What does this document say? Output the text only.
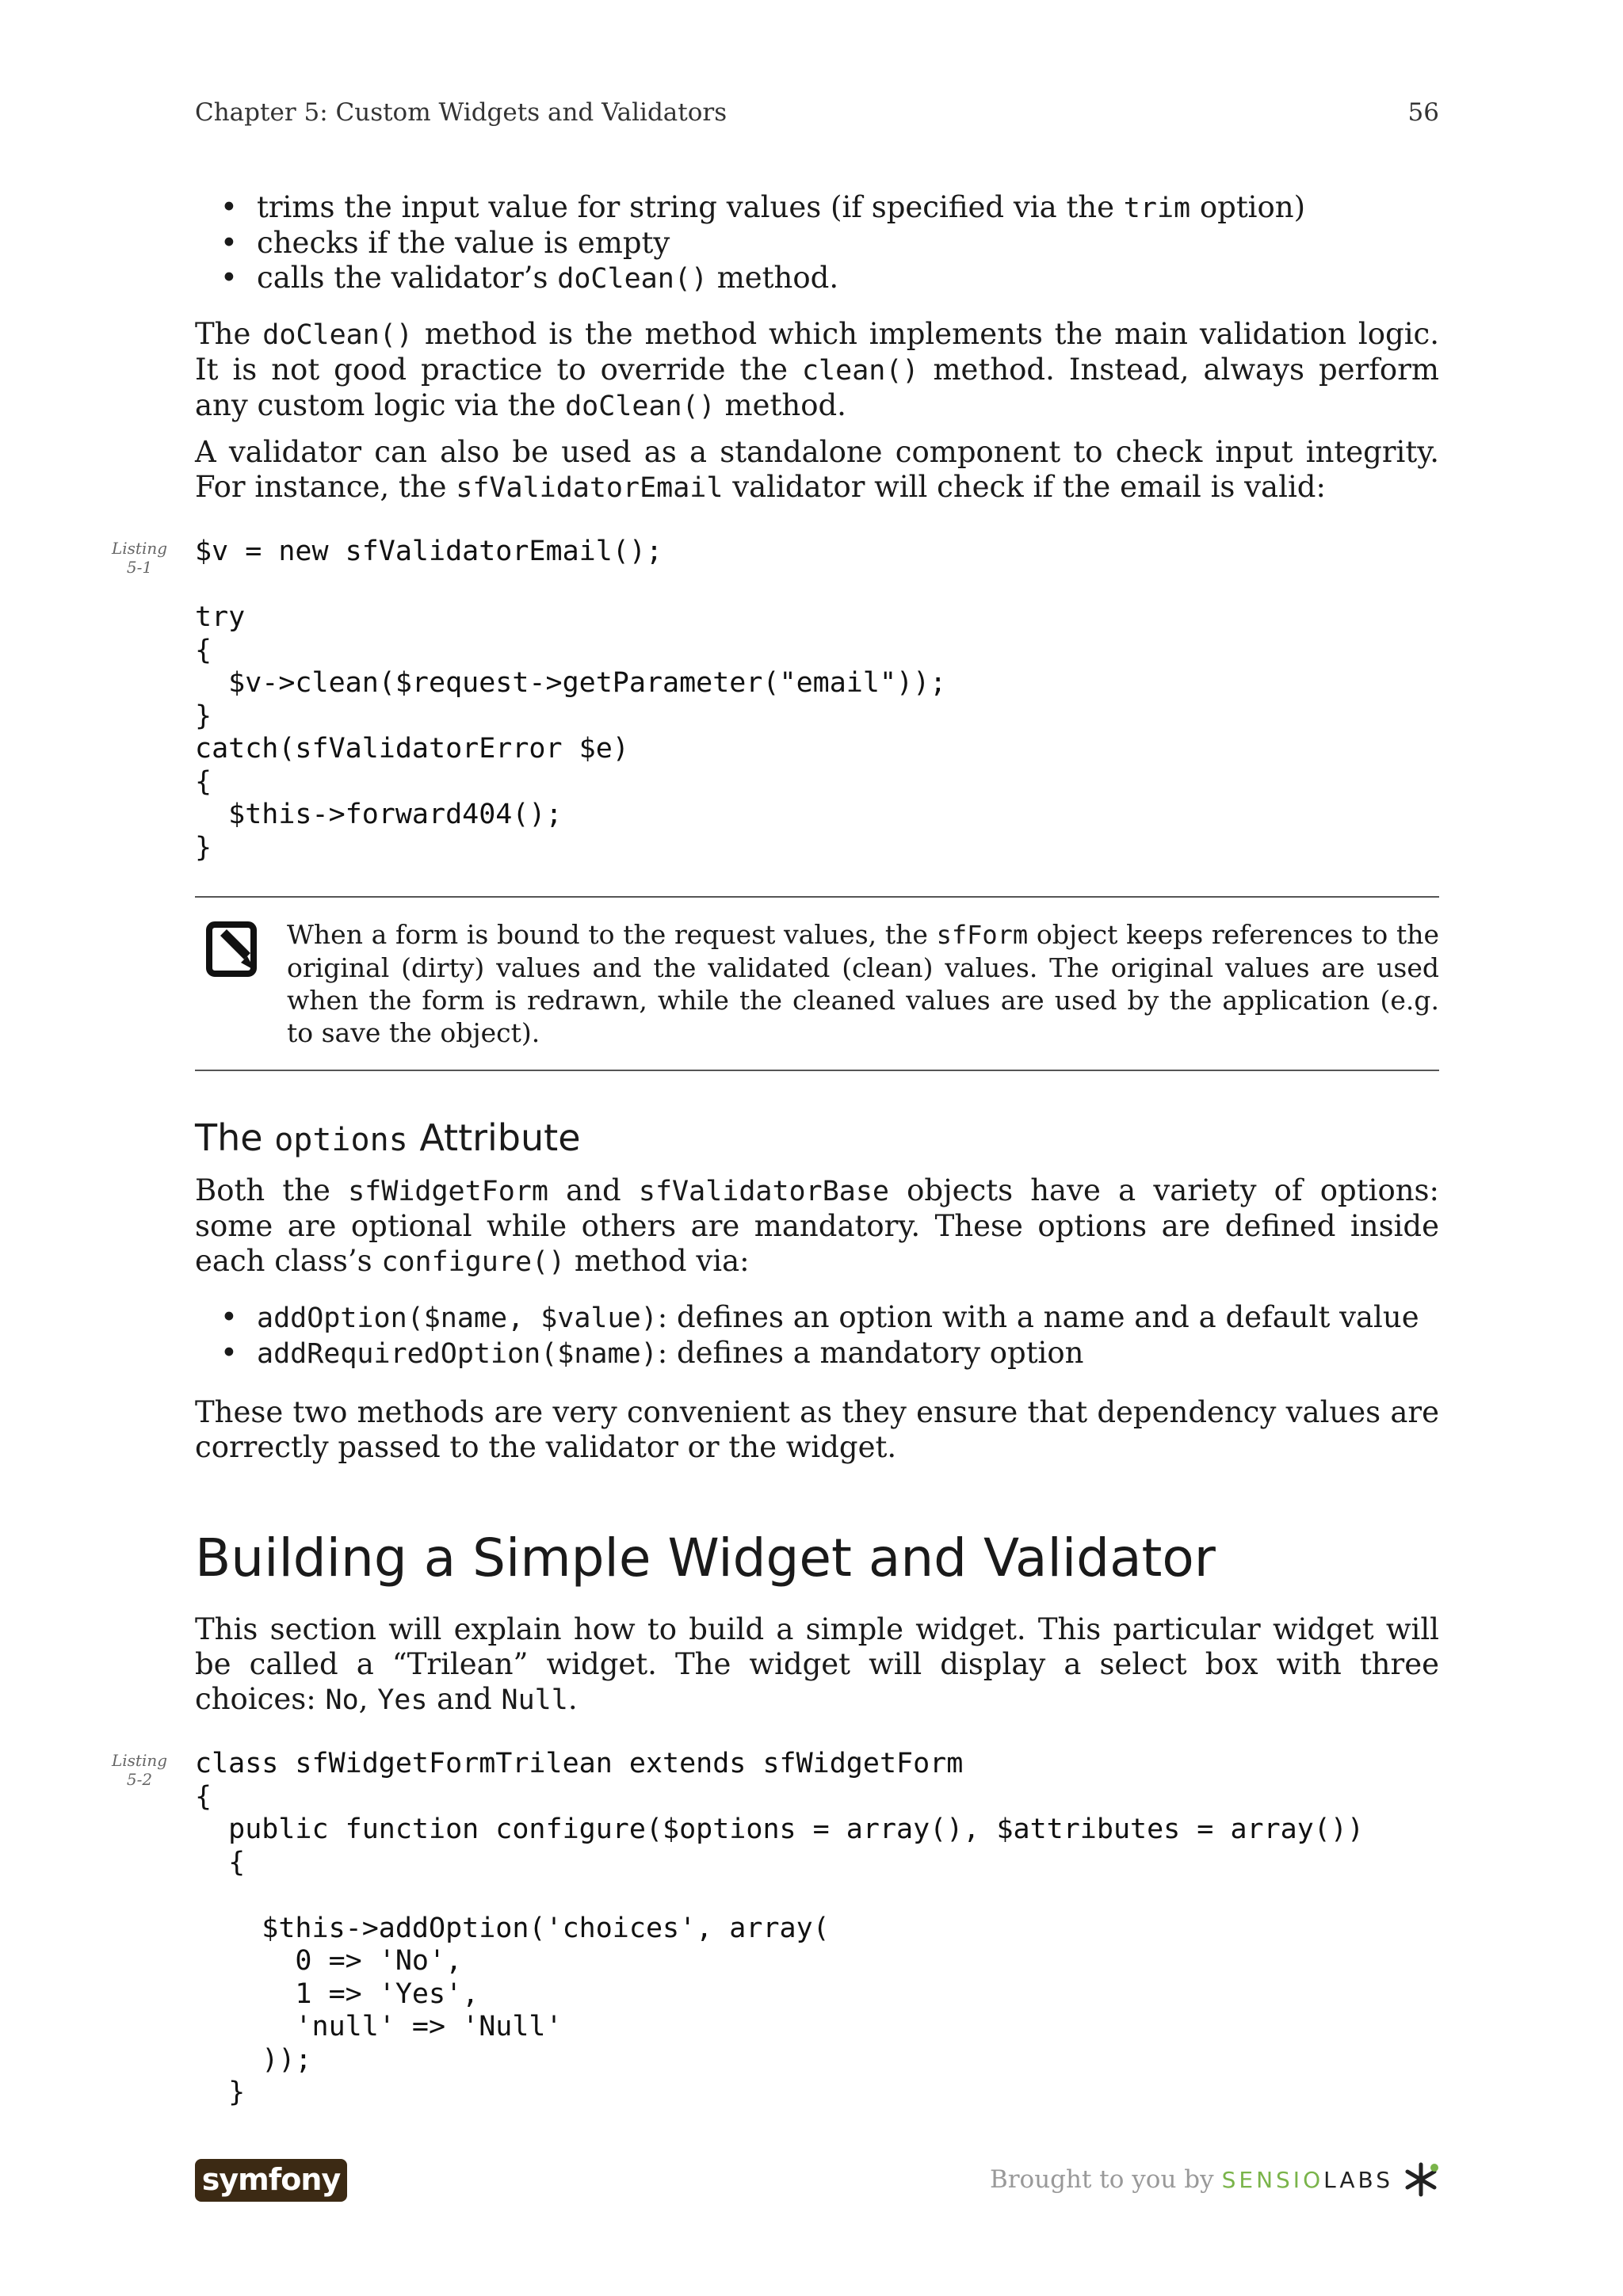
Chapter 5: Custom Widgets and Validators	56
• trims the input value for string values (if specified via the trim option)
• checks if the value is empty
• calls the validator’s doClean() method.

The doClean() method is the method which implements the main validation logic. It is not good practice to override the clean() method. Instead, always perform any custom logic via the doClean() method.

A validator can also be used as a standalone component to check input integrity. For instance, the sfValidatorEmail validator will check if the email is valid:

Listing
5-1	$v = new sfValidatorEmail();

try
{
$v->clean($request->getParameter("email"));
}
catch(sfValidatorError $e)
{
$this->forward404();
}

When a form is bound to the request values, the sfForm object keeps references to the original (dirty) values and the validated (clean) values. The original values are used when the form is redrawn, while the cleaned values are used by the application (e.g. to save the object).

The options Attribute

Both the sfWidgetForm and sfValidatorBase objects have a variety of options: some are optional while others are mandatory. These options are defined inside each class’s configure() method via:

• addOption($name, $value): defines an option with a name and a default value
• addRequiredOption($name): defines a mandatory option

These two methods are very convenient as they ensure that dependency values are correctly passed to the validator or the widget.

Building a Simple Widget and Validator

This section will explain how to build a simple widget. This particular widget will be called a “Trilean” widget. The widget will display a select box with three choices: No, Yes and Null.

Listing
5-2	class sfWidgetFormTrilean extends sfWidgetForm
{
public function configure($options = array(), $attributes = array())
{

$this->addOption('choices', array(
0 => 'No',
1 => 'Yes',
'null' => 'Null'
));
}
symfony	Brought to you by SENSIOLABS
